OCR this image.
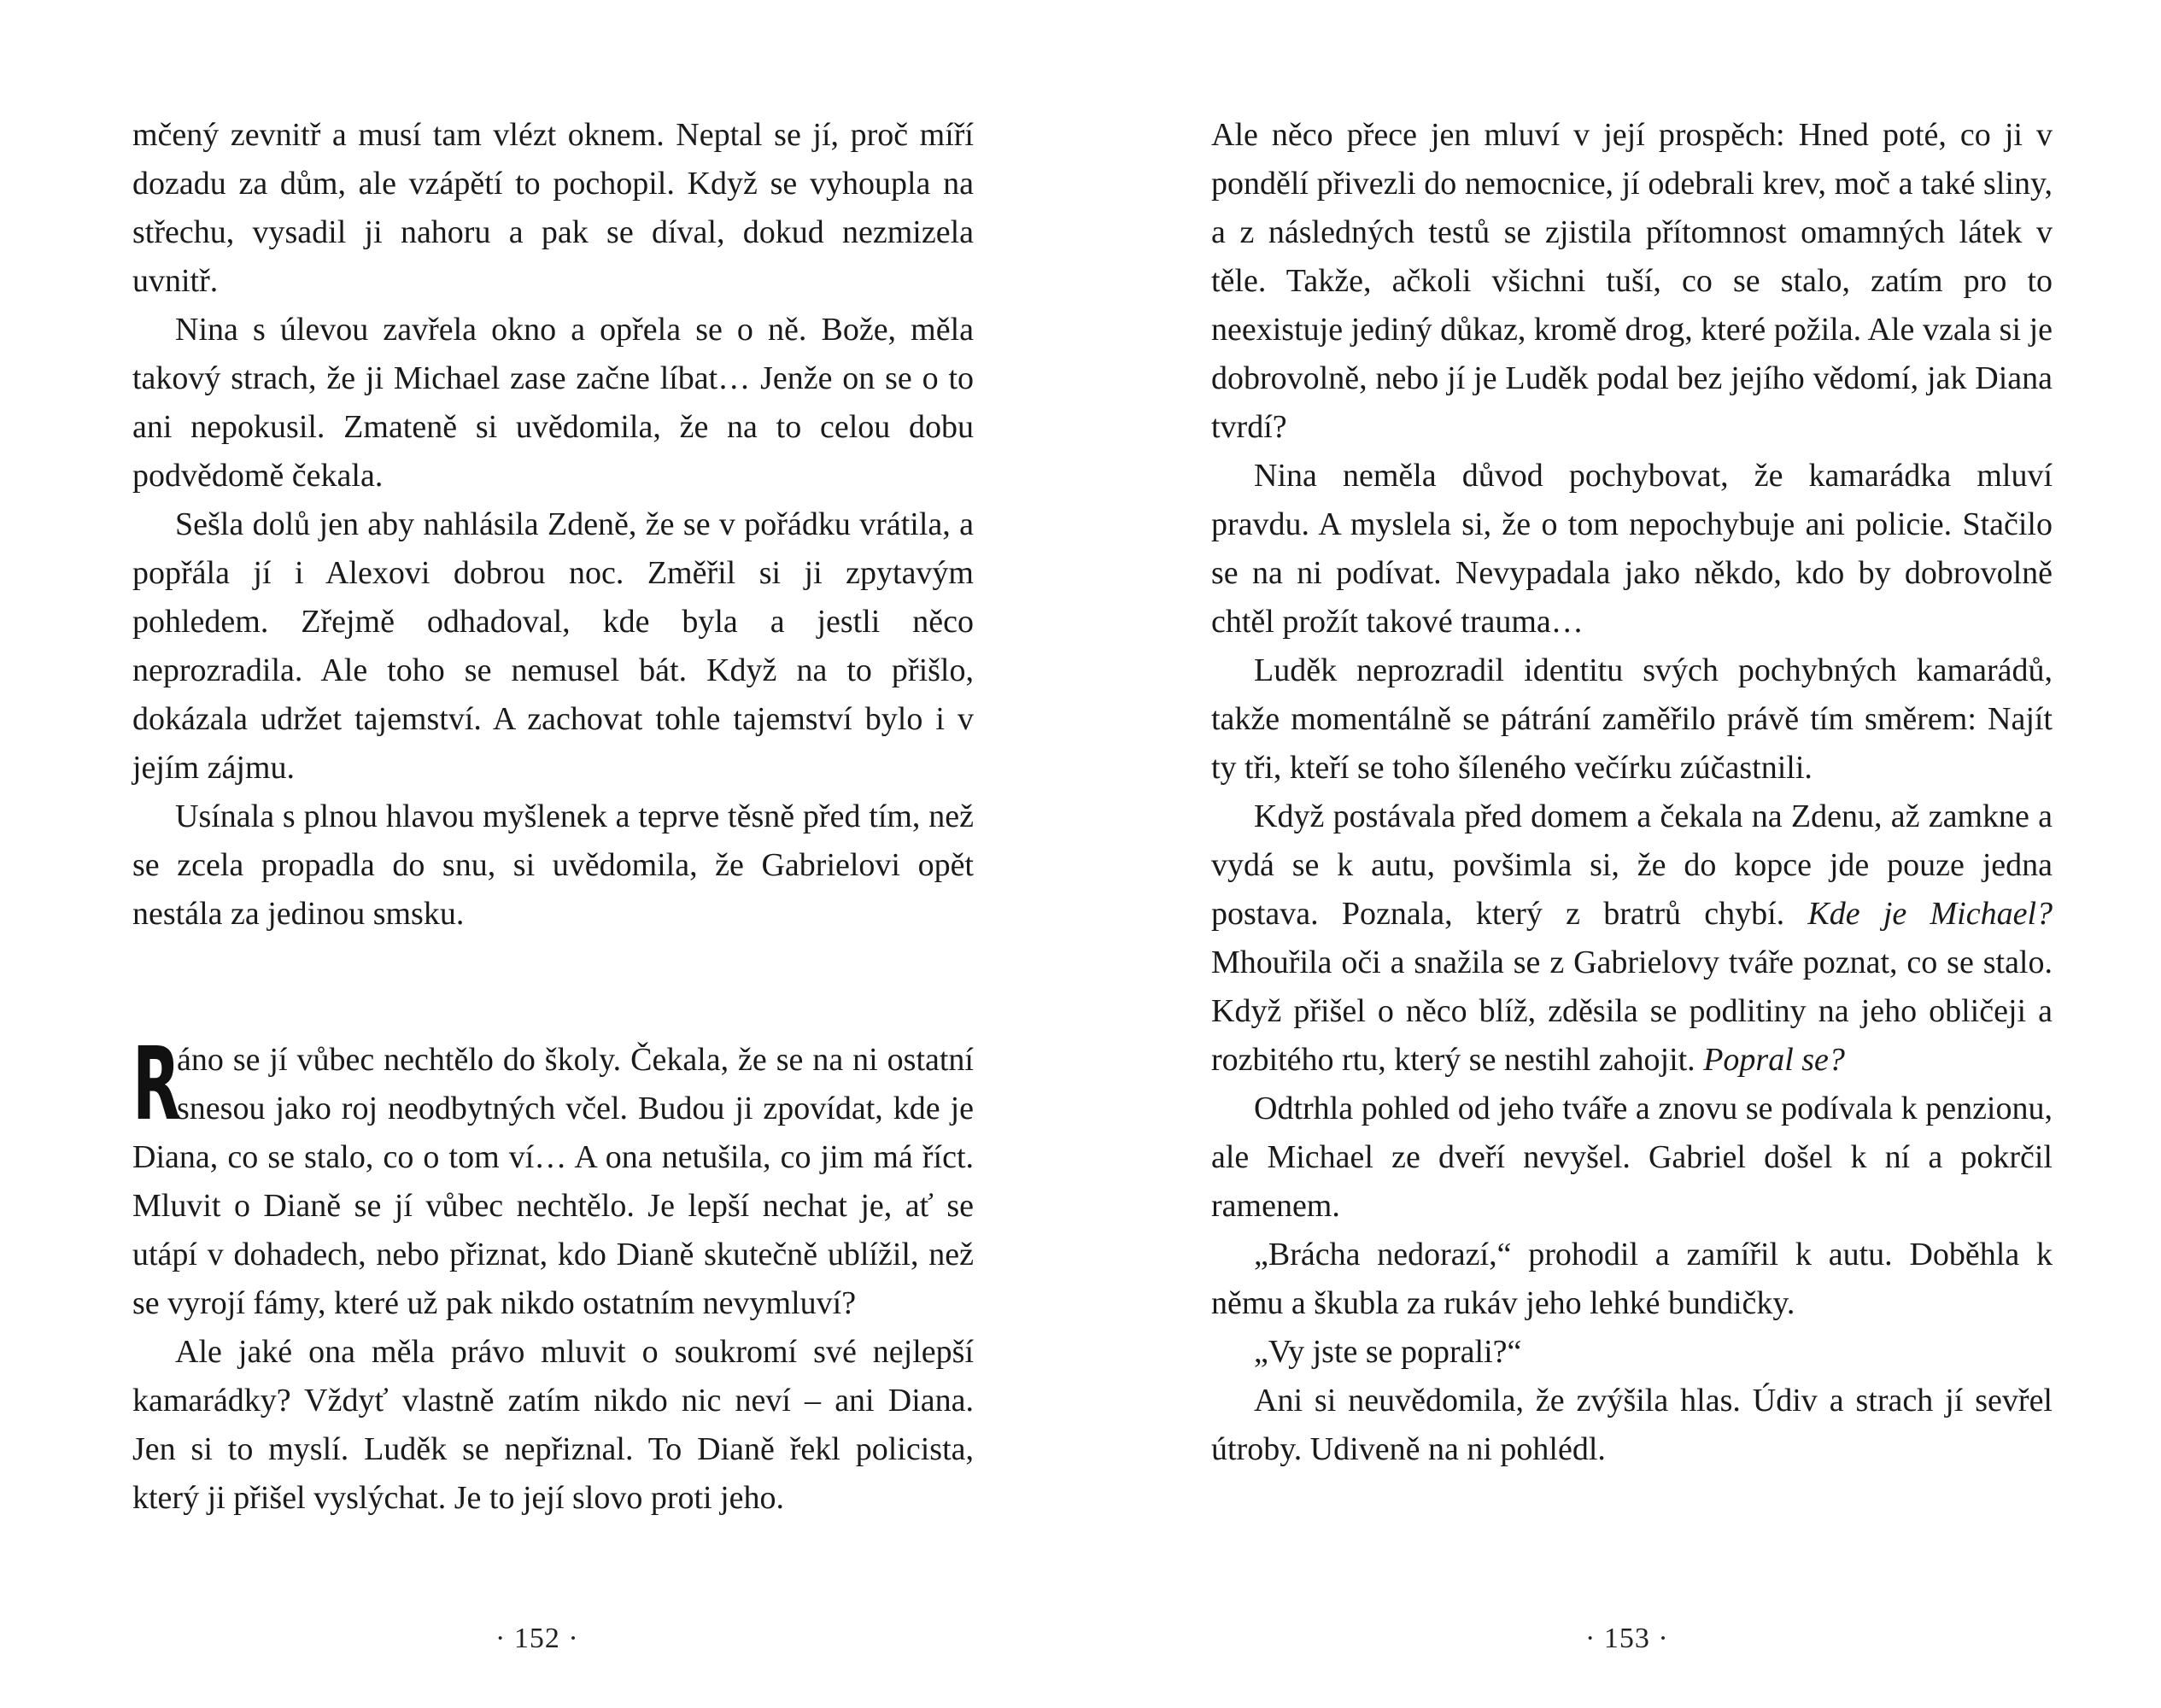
mčený zevnitř a musí tam vlézt oknem. Neptal se jí, proč míří dozadu za dům, ale vzápětí to pochopil. Když se vyhoupla na střechu, vysadil ji nahoru a pak se díval, dokud nezmizela uvnitř.

Nina s úlevou zavřela okno a opřela se o ně. Bože, měla takový strach, že ji Michael zase začne líbat… Jenže on se o to ani nepokusil. Zmateně si uvědomila, že na to celou dobu podvědomě čekala.

Sešla dolů jen aby nahlásila Zdeně, že se v pořádku vrátila, a popřála jí i Alexovi dobrou noc. Změřil si ji zpytavým pohledem. Zřejmě odhadoval, kde byla a jestli něco neprozradila. Ale toho se nemusel bát. Když na to přišlo, dokázala udržet tajemství. A zachovat tohle tajemství bylo i v jejím zájmu.

Usínala s plnou hlavou myšlenek a teprve těsně před tím, než se zcela propadla do snu, si uvědomila, že Gabrielovi opět nestála za jedinou smsku.

R
áno se jí vůbec nechtělo do školy. Čekala, že se na ni ostatní snesou jako roj neodbytných včel. Budou ji zpovídat, kde je Diana, co se stalo, co o tom ví… A ona netušila, co jim má říct. Mluvit o Dianě se jí vůbec nechtělo. Je lepší nechat je, ať se utápí v dohadech, nebo přiznat, kdo Dianě skutečně ublížil, než se vyrojí fámy, které už pak nikdo ostatním nevymluví?

Ale jaké ona měla právo mluvit o soukromí své nejlepší kamarádky? Vždyť vlastně zatím nikdo nic neví – ani Diana. Jen si to myslí. Luděk se nepřiznal. To Dianě řekl policista, který ji přišel vyslýchat. Je to její slovo proti jeho.

Ale něco přece jen mluví v její prospěch: Hned poté, co ji v pondělí přivezli do nemocnice, jí odebrali krev, moč a také sliny, a z následných testů se zjistila přítomnost omamných látek v těle. Takže, ačkoli všichni tuší, co se stalo, zatím pro to neexistuje jediný důkaz, kromě drog, které požila. Ale vzala si je dobrovolně, nebo jí je Luděk podal bez jejího vědomí, jak Diana tvrdí?

Nina neměla důvod pochybovat, že kamarádka mluví pravdu. A myslela si, že o tom nepochybuje ani policie. Stačilo se na ni podívat. Nevypadala jako někdo, kdo by dobrovolně chtěl prožít takové trauma…

Luděk neprozradil identitu svých pochybných kamarádů, takže momentálně se pátrání zaměřilo právě tím směrem: Najít ty tři, kteří se toho šíleného večírku zúčastnili.

Když postávala před domem a čekala na Zdenu, až zamkne a vydá se k autu, povšimla si, že do kopce jde pouze jedna postava. Poznala, který z bratrů chybí. Kde je Michael? Mhouřila oči a snažila se z Gabrielovy tváře poznat, co se stalo. Když přišel o něco blíž, zděsila se podlitiny na jeho obličeji a rozbitého rtu, který se nestihl zahojit. Popral se?

Odtrhla pohled od jeho tváře a znovu se podívala k penzionu, ale Michael ze dveří nevyšel. Gabriel došel k ní a pokrčil ramenem.

„Brácha nedorazí,“ prohodil a zamířil k autu. Doběhla k němu a škubla za rukáv jeho lehké bundičky.

„Vy jste se poprali?“

Ani si neuvědomila, že zvýšila hlas. Údiv a strach jí sevřel útroby. Udiveně na ni pohlédl.

· 152 ·	· 153 ·
